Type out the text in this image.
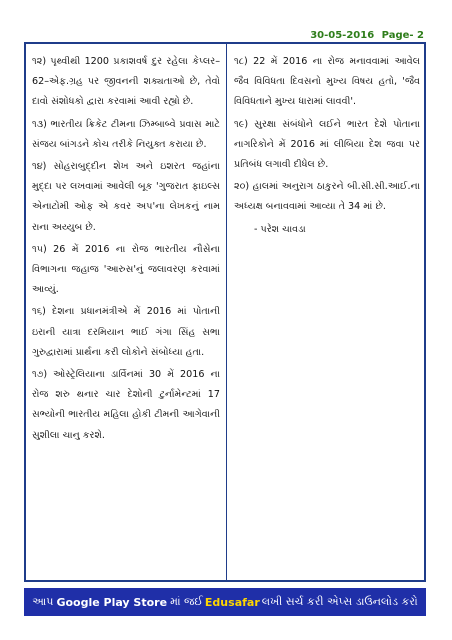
30-05-2016 Page- 2

૧૨) પૃથ્વીથી 1200 પ્રકાશવર્ષ દુર રહેલા કેપ્લર–62–એફ.ગ્રહ પર જીવનની શક્યતાઓ છે, તેવો દાવો સંશોધકો દ્વારા કરવામાં આવી રહ્યો છે.

૧૩) ભારતીય ક્રિકેટ ટીમના ઝિમ્બાબ્વે પ્રવાસ માટે સંજય બાંગડને કોચ તરીકે નિયુક્ત કરાયા છે.

૧૪) સોહરાબુદ્દીન શેખ અને ઇશરત જહાંના મુદ્દા પર લખવામાં આવેલી બૂક 'ગુજરાત ફાઇલ્સ એનાટોમી ઓફ એ કવર અપ'ના લેખકનું નામ રાના અય્યુબ છે.

૧૫) 26 મેં 2016 ના રોજ ભારતીય નૌસેના વિભાગના જહાજ 'આરુસ'નું જલાવરણ કરવામાં આવ્યું.

૧૬) દેશના પ્રધાનમંત્રીએ મેં 2016 માં પોતાની ઇરાની યાત્રા દરમિયાન ભાઈ ગંગા સિંહ સભા ગુરુદ્વારામાં પ્રાર્થના કરી લોકોને સંબોધ્યા હતા.

૧૭) ઓસ્ટ્રેલિયાના ડાર્વિનમાં 30 મેં 2016 ના રોજ શરુ થનાર ચાર દેશોની ટુર્નામેન્ટમાં 17 સભ્યોની ભારતીય મહિલા હોકી ટીમની આગેવાની સુશીલા ચાનુ કરશે.

૧૮) 22 મેં 2016 ના રોજ મનાવવામાં આવેલ જૈવ વિવિધતા દિવસનો મુખ્ય વિષય હતો, 'જૈવ વિવિધતાને મુખ્ય ધારામાં લાવવી'.

૧૯) સુરક્ષા સંબંધોને લઈને ભારત દેશે પોતાના નાગરિકોને મેં 2016 માં લીબિયા દેશ જવા પર પ્રતિબંધ લગાવી દીધેલ છે.

૨૦) હાલમાં અનુરાગ ઠાકુરને બી.સી.સી.આઈ.ના અધ્યક્ષ બનાવવામાં આવ્યા તે 34 માં છે.

- પરેશ ચાવડા
આપ Google Play Store માં જઈ Edusafar લખી સર્ચ કરી એપ્સ ડાઉનલોડ કરો
